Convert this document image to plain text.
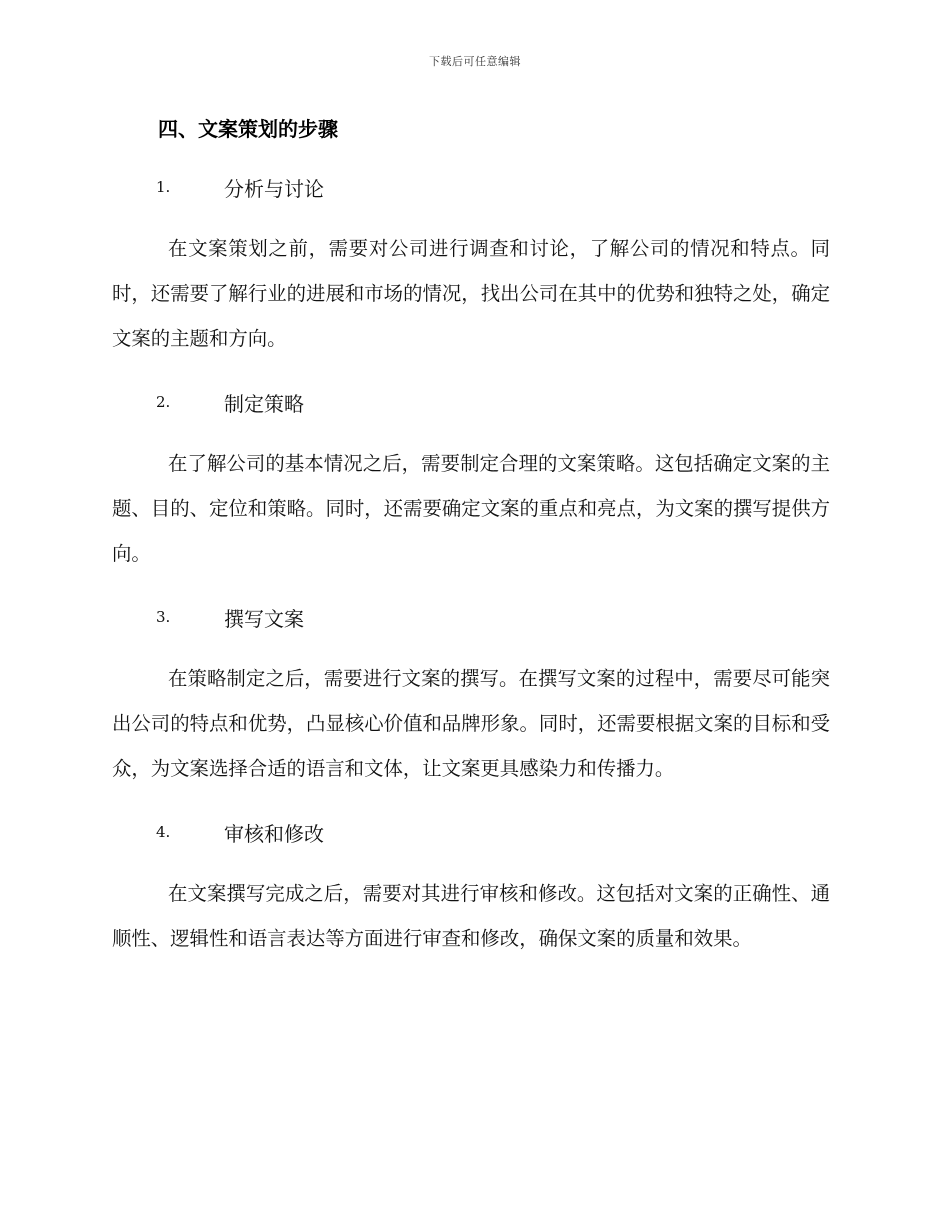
下载后可任意编辑
四、文案策划的步骤
1.	分析与讨论

在文案策划之前，需要对公司进行调查和讨论，了解公司的情况和特点。同时，还需要了解行业的进展和市场的情况，找出公司在其中的优势和独特之处，确定文案的主题和方向。

2.	制定策略

在了解公司的基本情况之后，需要制定合理的文案策略。这包括确定文案的主题、目的、定位和策略。同时，还需要确定文案的重点和亮点，为文案的撰写提供方向。

3.	撰写文案

在策略制定之后，需要进行文案的撰写。在撰写文案的过程中，需要尽可能突出公司的特点和优势，凸显核心价值和品牌形象。同时，还需要根据文案的目标和受众，为文案选择合适的语言和文体，让文案更具感染力和传播力。

4.	审核和修改

在文案撰写完成之后，需要对其进行审核和修改。这包括对文案的正确性、通顺性、逻辑性和语言表达等方面进行审查和修改，确保文案的质量和效果。
